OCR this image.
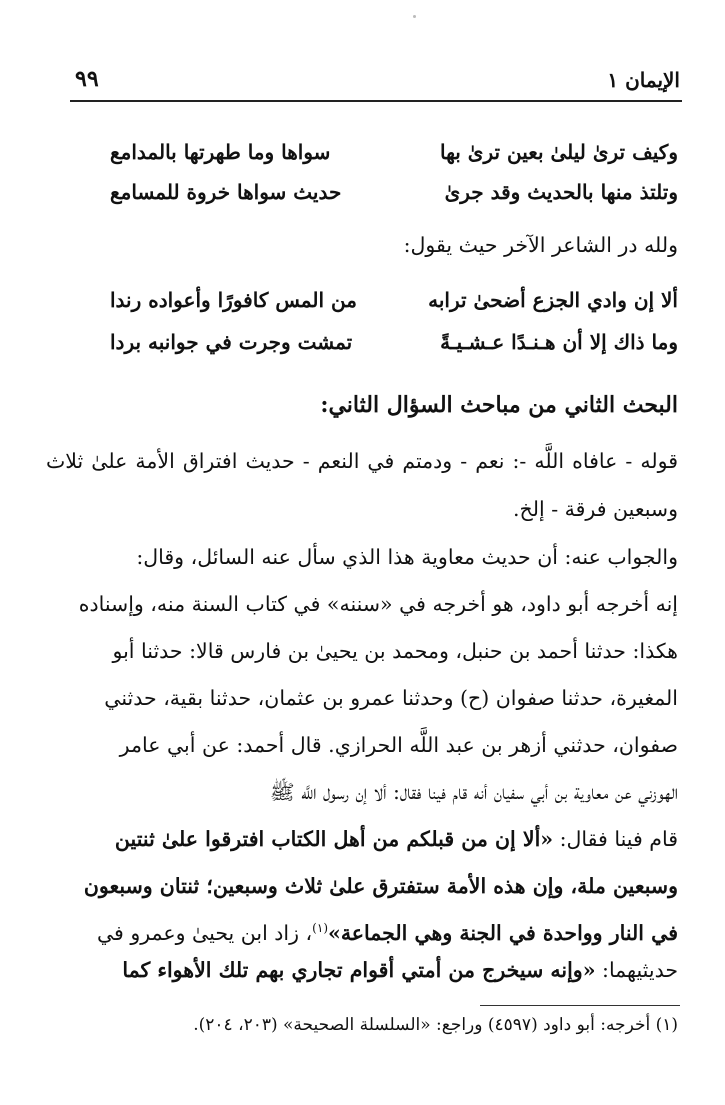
الإيمان ١
٩٩
وكيف ترىٰ ليلىٰ بعين ترىٰ بها
سواها وما طهرتها بالمدامع
وتلتذ منها بالحديث وقد جرىٰ
حديث سواها خروة للمسامع
ولله در الشاعر الآخر حيث يقول:
ألا إن وادي الجزع أضحىٰ ترابه
من المس كافورًا وأعواده رندا
وما ذاك إلا أن هـنـدًا عـشـيـةً
تمشت وجرت في جوانبه بردا
البحث الثاني من مباحث السؤال الثاني:
قوله - عافاه اللَّه -: نعم - ودمتم في النعم - حديث افتراق الأمة علىٰ ثلاث وسبعين فرقة - إلخ.
والجواب عنه: أن حديث معاوية هذا الذي سأل عنه السائل، وقال:
إنه أخرجه أبو داود، هو أخرجه في «سننه» في كتاب السنة منه، وإسناده
هكذا: حدثنا أحمد بن حنبل، ومحمد بن يحيىٰ بن فارس قالا: حدثنا أبو
المغيرة، حدثنا صفوان (ح) وحدثنا عمرو بن عثمان، حدثنا بقية، حدثني
صفوان، حدثني أزهر بن عبد اللَّه الحرازي. قال أحمد: عن أبي عامر
الهوزني عن معاوية بن أبي سفيان أنه قام فينا فقال: ألا إن رسول اللَّه ﷺ
قام فينا فقال: «ألا إن من قبلكم من أهل الكتاب افترقوا علىٰ ثنتين
وسبعين ملة، وإن هذه الأمة ستفترق علىٰ ثلاث وسبعين؛ ثنتان وسبعون
في النار وواحدة في الجنة وهي الجماعة»$^{(١)}$، زاد ابن يحيىٰ وعمرو في
حديثيهما: «وإنه سيخرج من أمتي أقوام تجاري بهم تلك الأهواء كما
(١) أخرجه: أبو داود (٤٥٩٧) وراجع: «السلسلة الصحيحة» (٢٠٣، ٢٠٤).
